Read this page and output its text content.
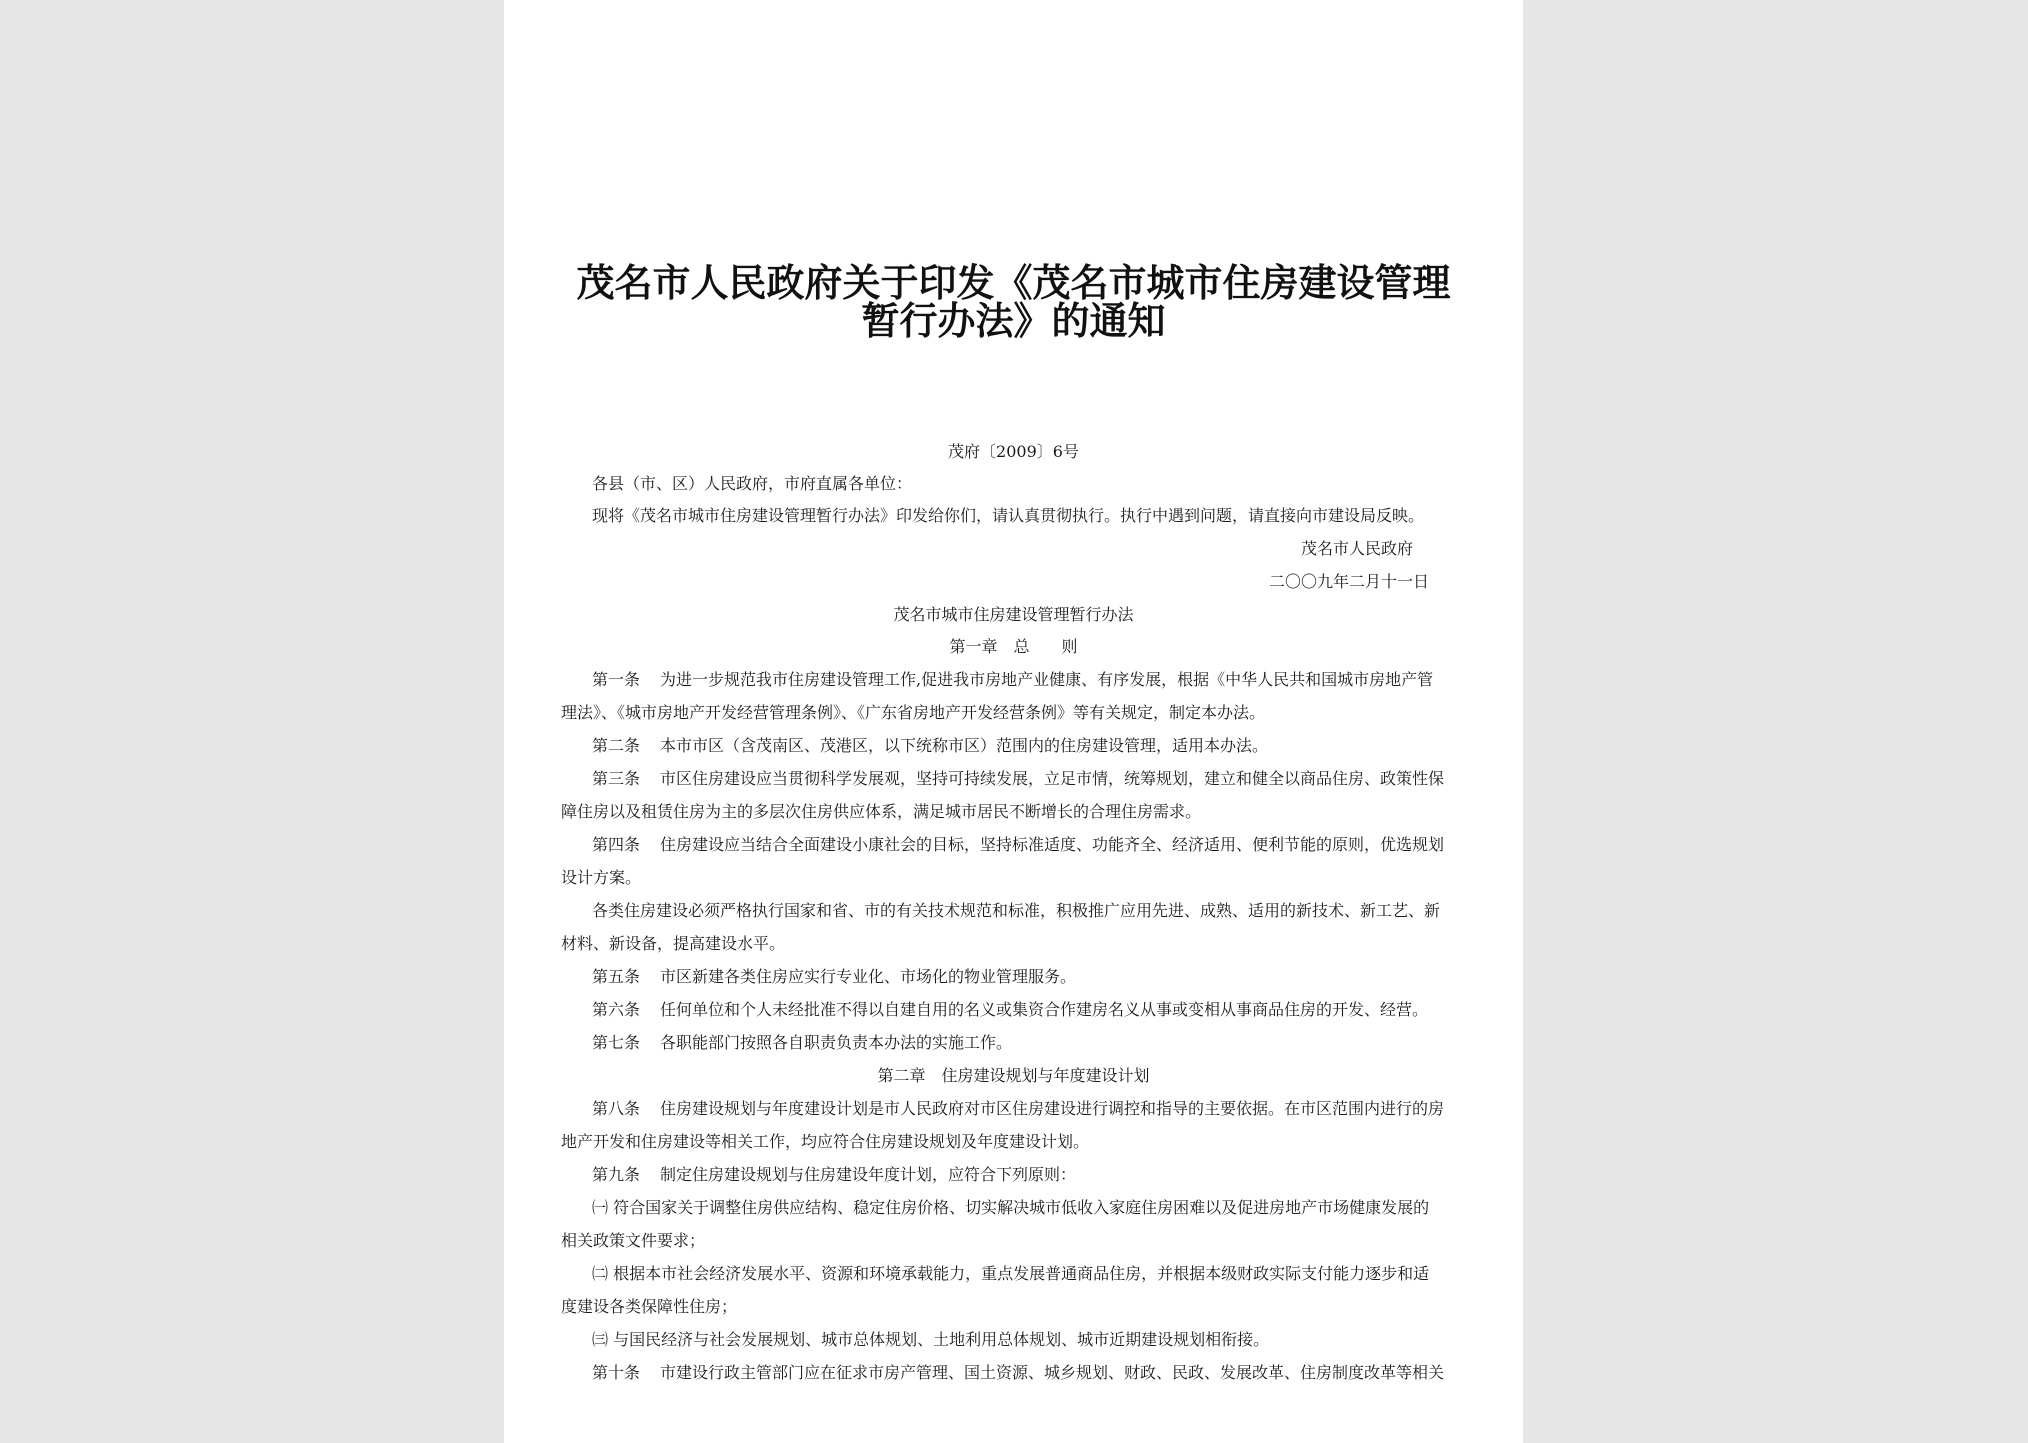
茂名市人民政府关于印发《茂名市城市住房建设管理
暂行办法》的通知
茂府〔2009〕6号
各县（市、区）人民政府，市府直属各单位：
现将《茂名市城市住房建设管理暂行办法》印发给你们，请认真贯彻执行。执行中遇到问题，请直接向市建设局反映。
茂名市人民政府
二〇〇九年二月十一日
茂名市城市住房建设管理暂行办法
第一章　总　　则
第一条 为进一步规范我市住房建设管理工作,促进我市房地产业健康、有序发展，根据《中华人民共和国城市房地产管
理法》、《城市房地产开发经营管理条例》、《广东省房地产开发经营条例》等有关规定，制定本办法。
第二条 本市市区（含茂南区、茂港区，以下统称市区）范围内的住房建设管理，适用本办法。
第三条 市区住房建设应当贯彻科学发展观，坚持可持续发展，立足市情，统筹规划，建立和健全以商品住房、政策性保
障住房以及租赁住房为主的多层次住房供应体系，满足城市居民不断增长的合理住房需求。
第四条 住房建设应当结合全面建设小康社会的目标，坚持标准适度、功能齐全、经济适用、便利节能的原则，优选规划
设计方案。
各类住房建设必须严格执行国家和省、市的有关技术规范和标准，积极推广应用先进、成熟、适用的新技术、新工艺、新
材料、新设备，提高建设水平。
第五条 市区新建各类住房应实行专业化、市场化的物业管理服务。
第六条 任何单位和个人未经批准不得以自建自用的名义或集资合作建房名义从事或变相从事商品住房的开发、经营。
第七条 各职能部门按照各自职责负责本办法的实施工作。
第二章　住房建设规划与年度建设计划
第八条 住房建设规划与年度建设计划是市人民政府对市区住房建设进行调控和指导的主要依据。在市区范围内进行的房
地产开发和住房建设等相关工作，均应符合住房建设规划及年度建设计划。
第九条 制定住房建设规划与住房建设年度计划，应符合下列原则：
㈠ 符合国家关于调整住房供应结构、稳定住房价格、切实解决城市低收入家庭住房困难以及促进房地产市场健康发展的
相关政策文件要求；
㈡ 根据本市社会经济发展水平、资源和环境承载能力，重点发展普通商品住房，并根据本级财政实际支付能力逐步和适
度建设各类保障性住房；
㈢ 与国民经济与社会发展规划、城市总体规划、土地利用总体规划、城市近期建设规划相衔接。
第十条 市建设行政主管部门应在征求市房产管理、国土资源、城乡规划、财政、民政、发展改革、住房制度改革等相关
